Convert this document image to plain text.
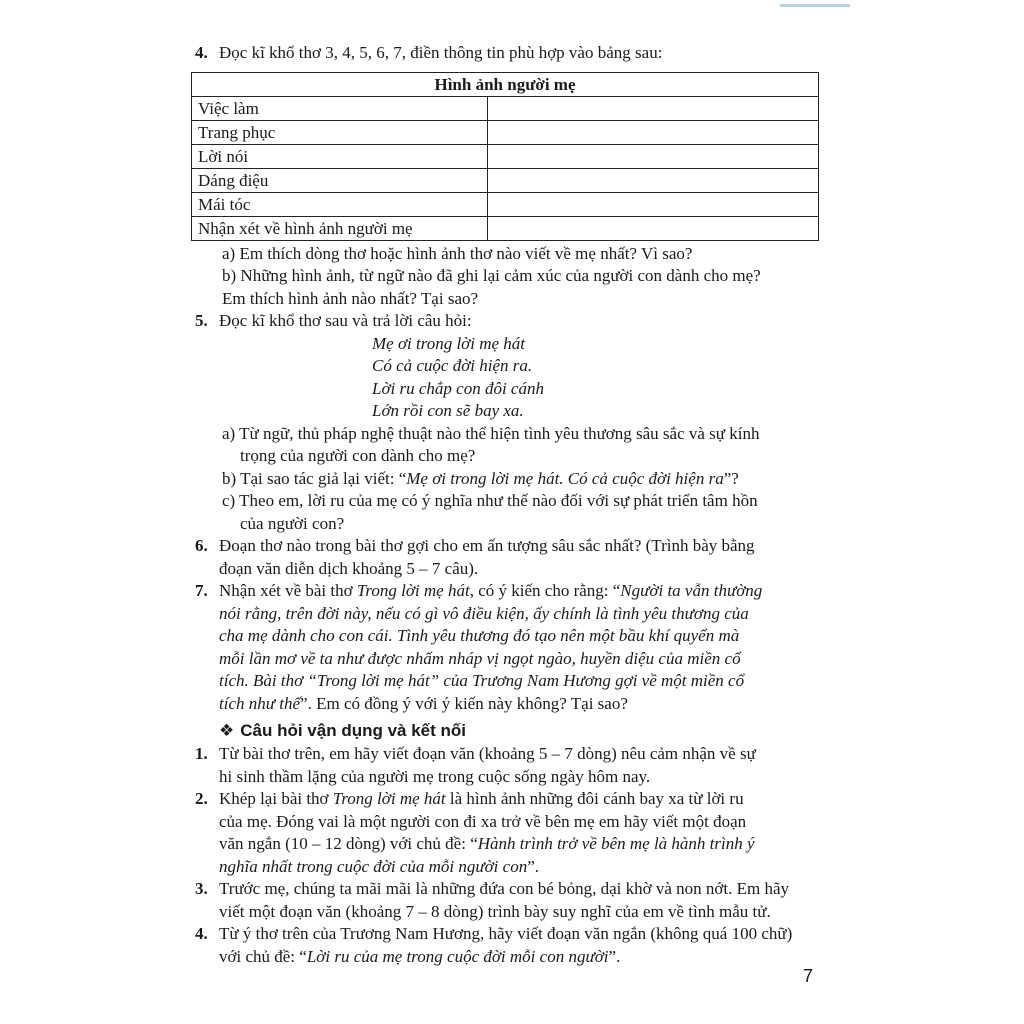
4. Đọc kĩ khổ thơ 3, 4, 5, 6, 7, điền thông tin phù hợp vào bảng sau:
Hình ảnh người mẹ	
Việc làm	
Trang phục	
Lời nói	
Dáng điệu	
Mái tóc	
Nhận xét về hình ảnh người mẹ	
a) Em thích dòng thơ hoặc hình ảnh thơ nào viết về mẹ nhất? Vì sao?
b) Những hình ảnh, từ ngữ nào đã ghi lại cảm xúc của người con dành cho mẹ?
Em thích hình ảnh nào nhất? Tại sao?
5. Đọc kĩ khổ thơ sau và trả lời câu hỏi:
Mẹ ơi trong lời mẹ hát
Có cả cuộc đời hiện ra.
Lời ru chắp con đôi cánh
Lớn rồi con sẽ bay xa.
a) Từ ngữ, thủ pháp nghệ thuật nào thể hiện tình yêu thương sâu sắc và sự kính
trọng của người con dành cho mẹ?
b) Tại sao tác giả lại viết: “Mẹ ơi trong lời mẹ hát. Có cả cuộc đời hiện ra”?
c) Theo em, lời ru của mẹ có ý nghĩa như thế nào đối với sự phát triển tâm hồn
của người con?
6. Đoạn thơ nào trong bài thơ gợi cho em ấn tượng sâu sắc nhất? (Trình bày bằng
đoạn văn diễn dịch khoảng 5 – 7 câu).
7. Nhận xét về bài thơ Trong lời mẹ hát, có ý kiến cho rằng: “Người ta vẫn thường
nói rằng, trên đời này, nếu có gì vô điều kiện, ấy chính là tình yêu thương của
cha mẹ dành cho con cái. Tình yêu thương đó tạo nên một bầu khí quyển mà
mỗi lần mơ về ta như được nhấm nháp vị ngọt ngào, huyền diệu của miền cổ
tích. Bài thơ “Trong lời mẹ hát” của Trương Nam Hương gợi về một miền cổ
tích như thế”. Em có đồng ý với ý kiến này không? Tại sao?
❖ Câu hỏi vận dụng và kết nối
1. Từ bài thơ trên, em hãy viết đoạn văn (khoảng 5 – 7 dòng) nêu cảm nhận về sự
hi sinh thầm lặng của người mẹ trong cuộc sống ngày hôm nay.
2. Khép lại bài thơ Trong lời mẹ hát là hình ảnh những đôi cánh bay xa từ lời ru
của mẹ. Đóng vai là một người con đi xa trở về bên mẹ em hãy viết một đoạn
văn ngắn (10 – 12 dòng) với chủ đề: “Hành trình trở về bên mẹ là hành trình ý
nghĩa nhất trong cuộc đời của mỗi người con”.
3. Trước mẹ, chúng ta mãi mãi là những đứa con bé bỏng, dại khờ và non nớt. Em hãy
viết một đoạn văn (khoảng 7 – 8 dòng) trình bày suy nghĩ của em về tình mẫu tử.
4. Từ ý thơ trên của Trương Nam Hương, hãy viết đoạn văn ngắn (không quá 100 chữ)
với chủ đề: “Lời ru của mẹ trong cuộc đời mỗi con người”.
7
